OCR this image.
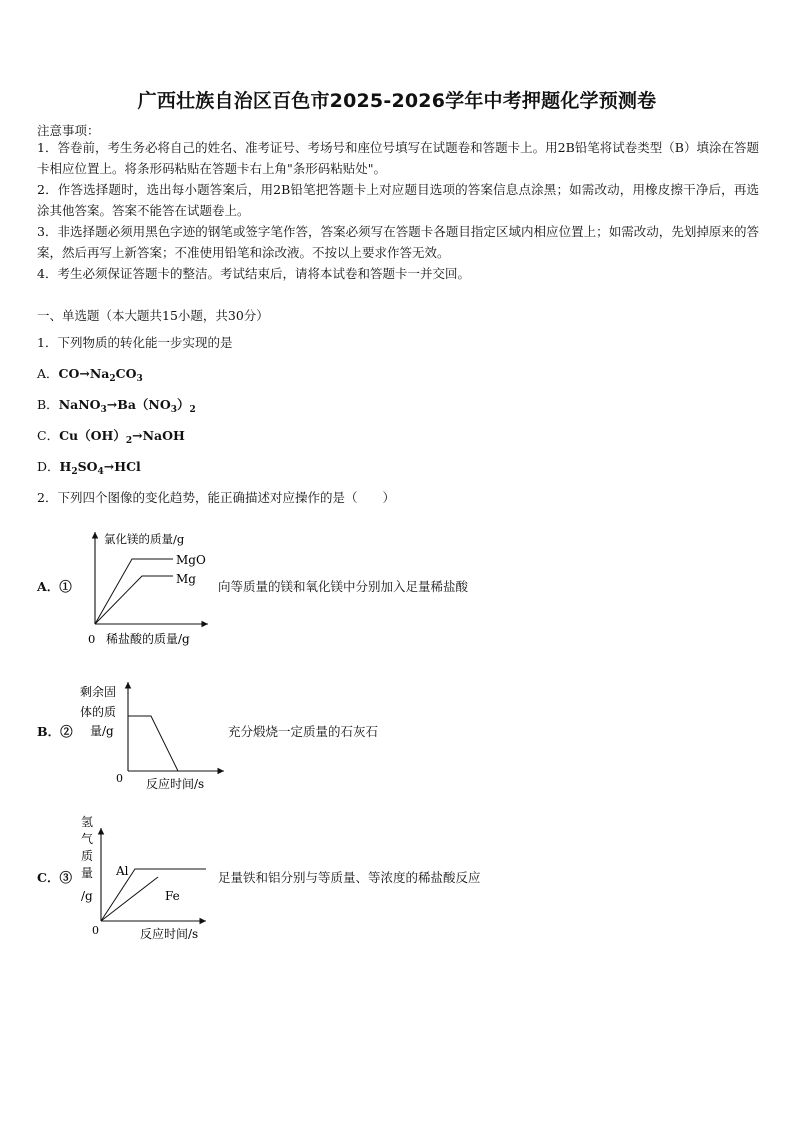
广西壮族自治区百色市2025-2026学年中考押题化学预测卷
注意事项：
1．答卷前，考生务必将自己的姓名、准考证号、考场号和座位号填写在试题卷和答题卡上。用2B铅笔将试卷类型（B）填涂在答题卡相应位置上。将条形码粘贴在答题卡右上角"条形码粘贴处"。
2．作答选择题时，选出每小题答案后，用2B铅笔把答题卡上对应题目选项的答案信息点涂黑；如需改动，用橡皮擦干净后，再选涂其他答案。答案不能答在试题卷上。
3．非选择题必须用黑色字迹的钢笔或签字笔作答，答案必须写在答题卡各题目指定区域内相应位置上；如需改动，先划掉原来的答案，然后再写上新答案；不准使用铅笔和涂改液。不按以上要求作答无效。
4．考生必须保证答题卡的整洁。考试结束后，请将本试卷和答题卡一并交回。
一、单选题（本大题共15小题，共30分）
1．下列物质的转化能一步实现的是
A．$CO\to Na_2CO_3$
B．$NaNO_3\to Ba(NO_3)_2$
C．$Cu(OH)_2\to NaOH$
D．$H_2SO_4\to HCl$
2．下列四个图像的变化趋势，能正确描述对应操作的是（　　）
A．①
氯化镁的质量/g
MgO
Mg
0 稀盐酸的质量/g
向等质量的镁和氧化镁中分别加入足量稀盐酸
B．②
剩余固
体的质
量/g
0 反应时间/s
充分煅烧一定质量的石灰石
C．③
氢
气
质
量
/g
Al
Fe
0	反应时间/s
足量铁和铝分别与等质量、等浓度的稀盐酸反应
